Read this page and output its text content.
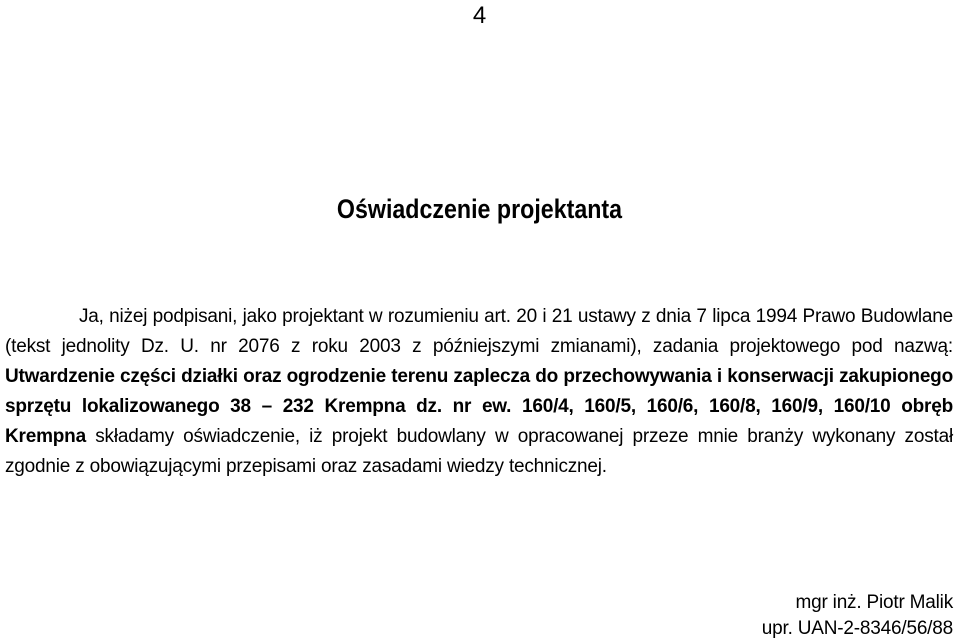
4
Oświadczenie projektanta

Ja, niżej podpisani, jako projektant w rozumieniu art. 20 i 21 ustawy z dnia 7 lipca 1994 Prawo Budowlane (tekst jednolity Dz. U. nr 2076 z roku 2003 z późniejszymi zmianami), zadania projektowego pod nazwą: Utwardzenie części działki oraz ogrodzenie terenu zaplecza do przechowywania i konserwacji zakupionego sprzętu lokalizowanego 38 – 232 Krempna dz. nr ew. 160/4, 160/5, 160/6, 160/8, 160/9, 160/10 obręb Krempna składamy oświadczenie, iż projekt budowlany w opracowanej przeze mnie branży wykonany został zgodnie z obowiązującymi przepisami oraz zasadami wiedzy technicznej.

mgr inż. Piotr Malik
upr. UAN-2-8346/56/88
